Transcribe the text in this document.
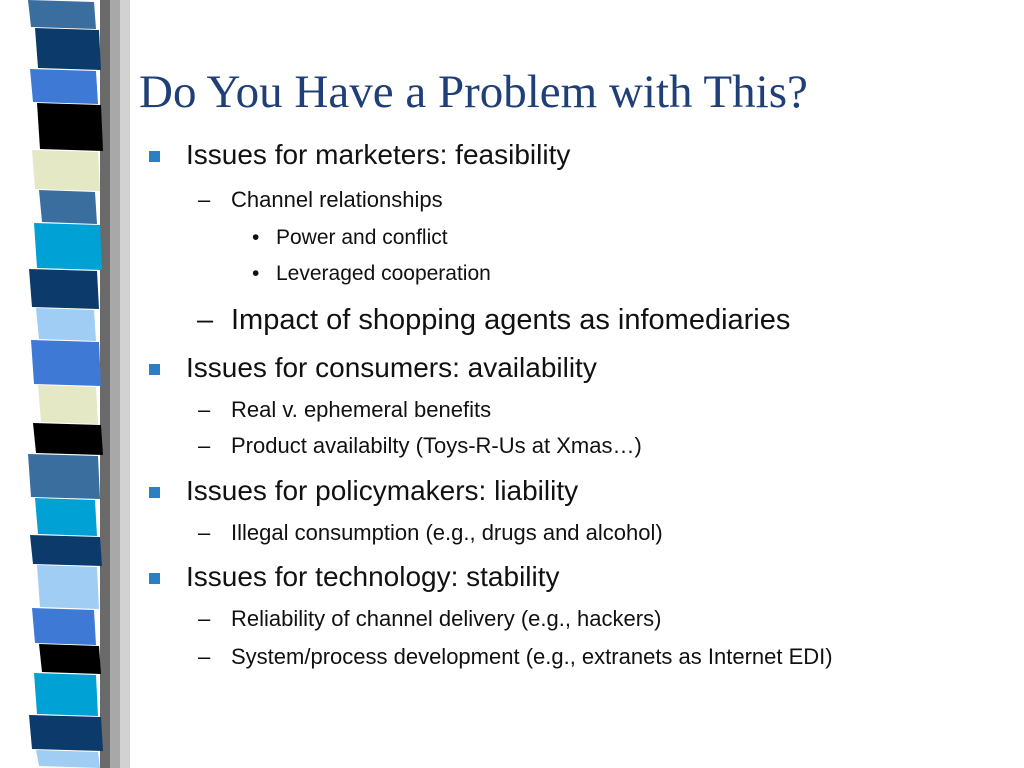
Do You Have a Problem with This?
Issues for marketers: feasibility
– Channel relationships
• Power and conflict
• Leveraged cooperation
– Impact of shopping agents as infomediaries
Issues for consumers: availability
– Real v. ephemeral benefits
– Product availabilty (Toys-R-Us at Xmas…)
Issues for policymakers: liability
– Illegal consumption (e.g., drugs and alcohol)
Issues for technology: stability
– Reliability of channel delivery (e.g., hackers)
– System/process development (e.g., extranets as Internet EDI)
